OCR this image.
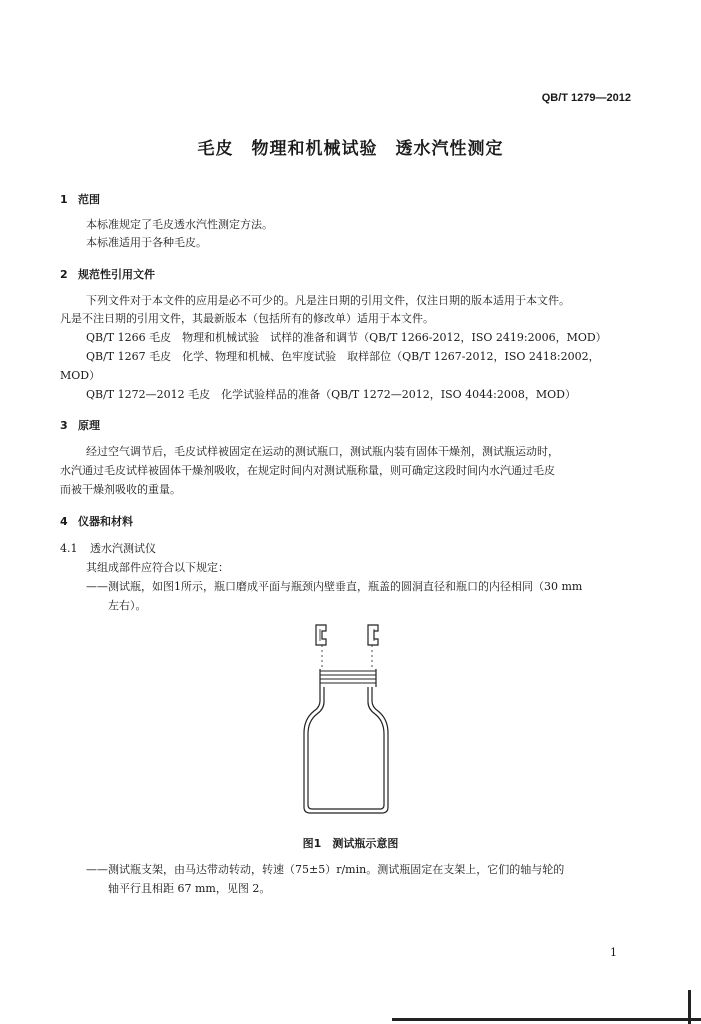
QB/T 1279—2012
毛皮　物理和机械试验　透水汽性测定
1 范围
本标准规定了毛皮透水汽性测定方法。
本标准适用于各种毛皮。
2 规范性引用文件
下列文件对于本文件的应用是必不可少的。凡是注日期的引用文件，仅注日期的版本适用于本文件。
凡是不注日期的引用文件，其最新版本（包括所有的修改单）适用于本文件。
QB/T 1266 毛皮　物理和机械试验　试样的准备和调节（QB/T 1266-2012，ISO 2419:2006，MOD）
QB/T 1267 毛皮　化学、物理和机械、色牢度试验　取样部位（QB/T 1267-2012，ISO 2418:2002，
MOD）
QB/T 1272—2012 毛皮　化学试验样品的准备（QB/T 1272—2012，ISO 4044:2008，MOD）
3 原理
经过空气调节后，毛皮试样被固定在运动的测试瓶口，测试瓶内装有固体干燥剂，测试瓶运动时，
水汽通过毛皮试样被固体干燥剂吸收，在规定时间内对测试瓶称量，则可确定这段时间内水汽通过毛皮
而被干燥剂吸收的重量。
4 仪器和材料
4.1 透水汽测试仪
其组成部件应符合以下规定：
——测试瓶，如图1所示，瓶口磨成平面与瓶颈内壁垂直，瓶盖的圆洞直径和瓶口的内径相同（30 mm
左右）。
图1　测试瓶示意图
——测试瓶支架，由马达带动转动，转速（75±5）r/min。测试瓶固定在支架上，它们的轴与轮的
轴平行且相距 67 mm，见图 2。
1
